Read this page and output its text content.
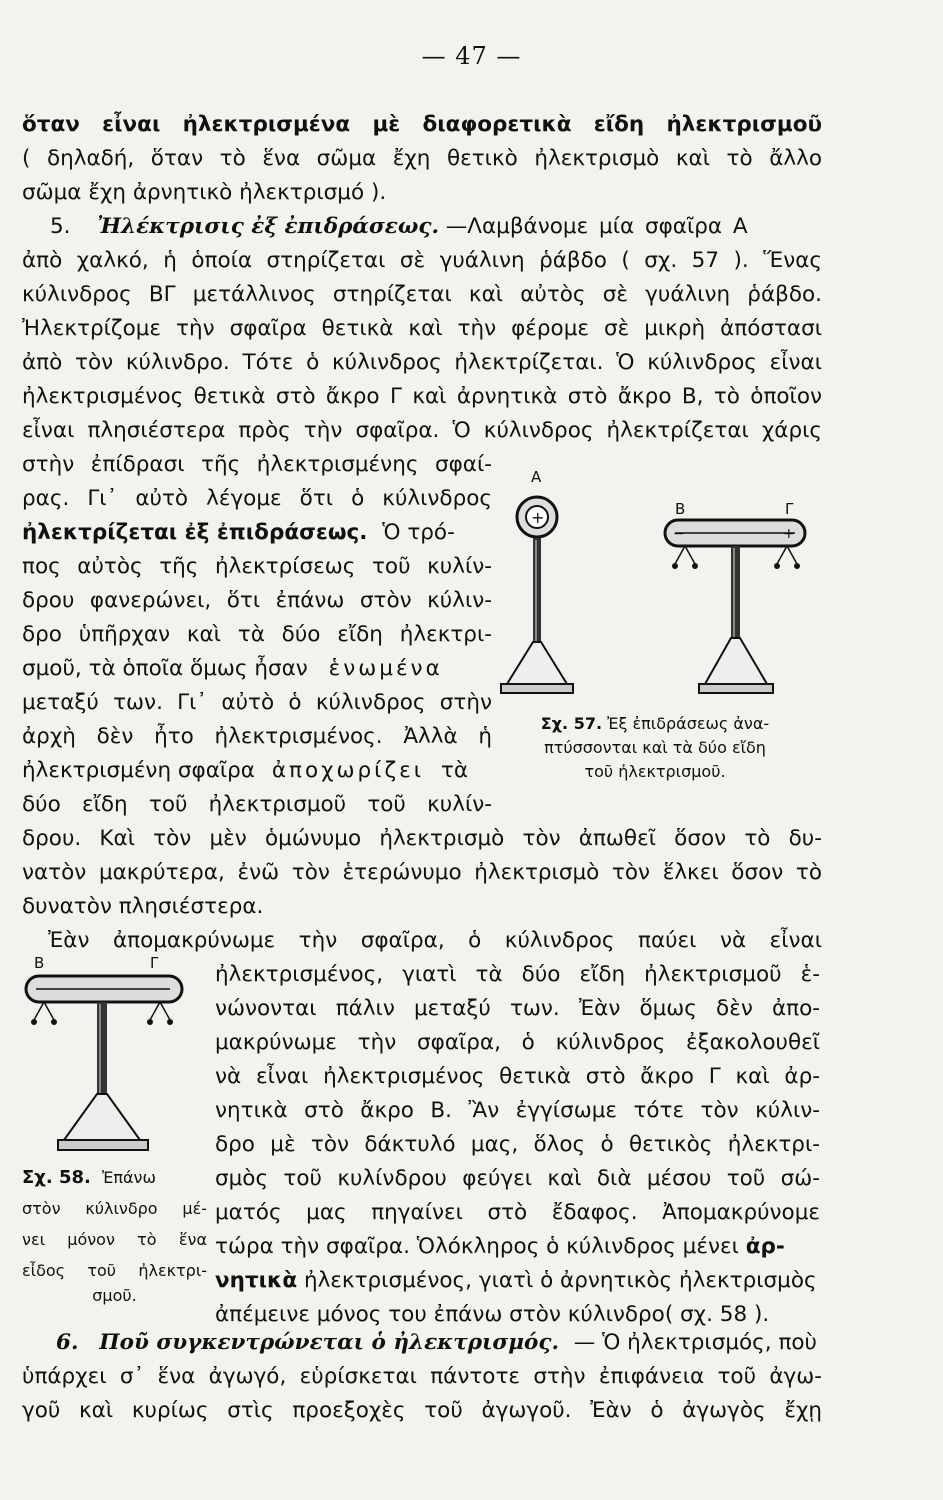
— 47 —
ὅταν εἶναι ἠλεκτρισμένα μὲ διαφορετικὰ εἴδη ἠλεκτρισμοῦ
( δηλαδή, ὅταν τὸ ἕνα σῶμα ἔχη θετικὸ ἠλεκτρισμὸ καὶ τὸ ἄλλο
σῶμα ἔχη ἀρνητικὸ ἠλεκτρισμό ).
5. Ἠλέκτρισις ἐξ ἐπιδράσεως. —Λαμβάνομε μία σφαῖρα Α
ἀπὸ χαλκό, ἡ ὁποία στηρίζεται σὲ γυάλινη ῥάβδο ( σχ. 57 ). Ἕνας
κύλινδρος ΒΓ μετάλλινος στηρίζεται καὶ αὐτὸς σὲ γυάλινη ῥάβδο.
Ἠλεκτρίζομε τὴν σφαῖρα θετικὰ καὶ τὴν φέρομε σὲ μικρὴ ἀπόστασι
ἀπὸ τὸν κύλινδρο. Τότε ὁ κύλινδρος ἠλεκτρίζεται. Ὁ κύλινδρος εἶναι
ἠλεκτρισμένος θετικὰ στὸ ἄκρο Γ καὶ ἀρνητικὰ στὸ ἄκρο Β, τὸ ὁποῖον
εἶναι πλησιέστερα πρὸς τὴν σφαῖρα. Ὁ κύλινδρος ἠλεκτρίζεται χάρις
στὴν ἐπίδρασι τῆς ἠλεκτρισμένης σφαί-
ρας. Γι᾽ αὐτὸ λέγομε ὅτι ὁ κύλινδρος
ἠλεκτρίζεται ἐξ ἐπιδράσεως. Ὁ τρό-
πος αὐτὸς τῆς ἠλεκτρίσεως τοῦ κυλίν-
δρου φανερώνει, ὅτι ἐπάνω στὸν κύλιν-
δρο ὑπῆρχαν καὶ τὰ δύο εἴδη ἠλεκτρι-
σμοῦ, τὰ ὁποῖα ὅμως ἦσαν ἑνωμένα
μεταξύ των. Γι᾽ αὐτὸ ὁ κύλινδρος στὴν
ἀρχὴ δὲν ἦτο ἠλεκτρισμένος. Ἀλλὰ ἡ
ἠλεκτρισμένη σφαῖρα ἀποχωρίζει τὰ
δύο εἴδη τοῦ ἠλεκτρισμοῦ τοῦ κυλίν-
Α
+	Β	Γ
−	+
Σχ. 57. Ἐξ ἐπιδράσεως ἀνα-
πτύσσονται καὶ τὰ δύο εἴδη
τοῦ ἠλεκτρισμοῦ.
δρου. Καὶ τὸν μὲν ὁμώνυμο ἠλεκτρισμὸ τὸν ἀπωθεῖ ὅσον τὸ δυ-
νατὸν μακρύτερα, ἐνῶ τὸν ἑτερώνυμο ἠλεκτρισμὸ τὸν ἕλκει ὅσον τὸ
δυνατὸν πλησιέστερα.
Ἐὰν ἀπομακρύνωμε τὴν σφαῖρα, ὁ κύλινδρος παύει νὰ εἶναι
ἠλεκτρισμένος, γιατὶ τὰ δύο εἴδη ἠλεκτρισμοῦ ἑ-
νώνονται πάλιν μεταξύ των. Ἐὰν ὅμως δὲν ἀπο-
μακρύνωμε τὴν σφαῖρα, ὁ κύλινδρος ἐξακολουθεῖ
νὰ εἶναι ἠλεκτρισμένος θετικὰ στὸ ἄκρο Γ καὶ ἀρ-
νητικὰ στὸ ἄκρο Β. Ἂν ἐγγίσωμε τότε τὸν κύλιν-
δρο μὲ τὸν δάκτυλό μας, ὅλος ὁ θετικὸς ἠλεκτρι-
σμὸς τοῦ κυλίνδρου φεύγει καὶ διὰ μέσου τοῦ σώ-
ματός μας πηγαίνει στὸ ἔδαφος. Ἀπομακρύνομε
τώρα τὴν σφαῖρα. Ὁλόκληρος ὁ κύλινδρος μένει ἀρ-
νητικὰ ἠλεκτρισμένος, γιατὶ ὁ ἀρνητικὸς ἠλεκτρισμὸς
ἀπέμεινε μόνος του ἐπάνω στὸν κύλινδρο( σχ. 58 ).
Β	Γ
Σχ. 58. Ἐπάνω
στὸν κύλινδρο μέ-
νει μόνον τὸ ἕνα
εἶδος τοῦ ἠλεκτρι-
σμοῦ.
6. Ποῦ συγκεντρώνεται ὁ ἠλεκτρισμός. — Ὁ ἠλεκτρισμός, ποὺ
ὑπάρχει σ᾽ ἕνα ἀγωγό, εὑρίσκεται πάντοτε στὴν ἐπιφάνεια τοῦ ἀγω-
γοῦ καὶ κυρίως στὶς προεξοχὲς τοῦ ἀγωγοῦ. Ἐὰν ὁ ἀγωγὸς ἔχῃ
